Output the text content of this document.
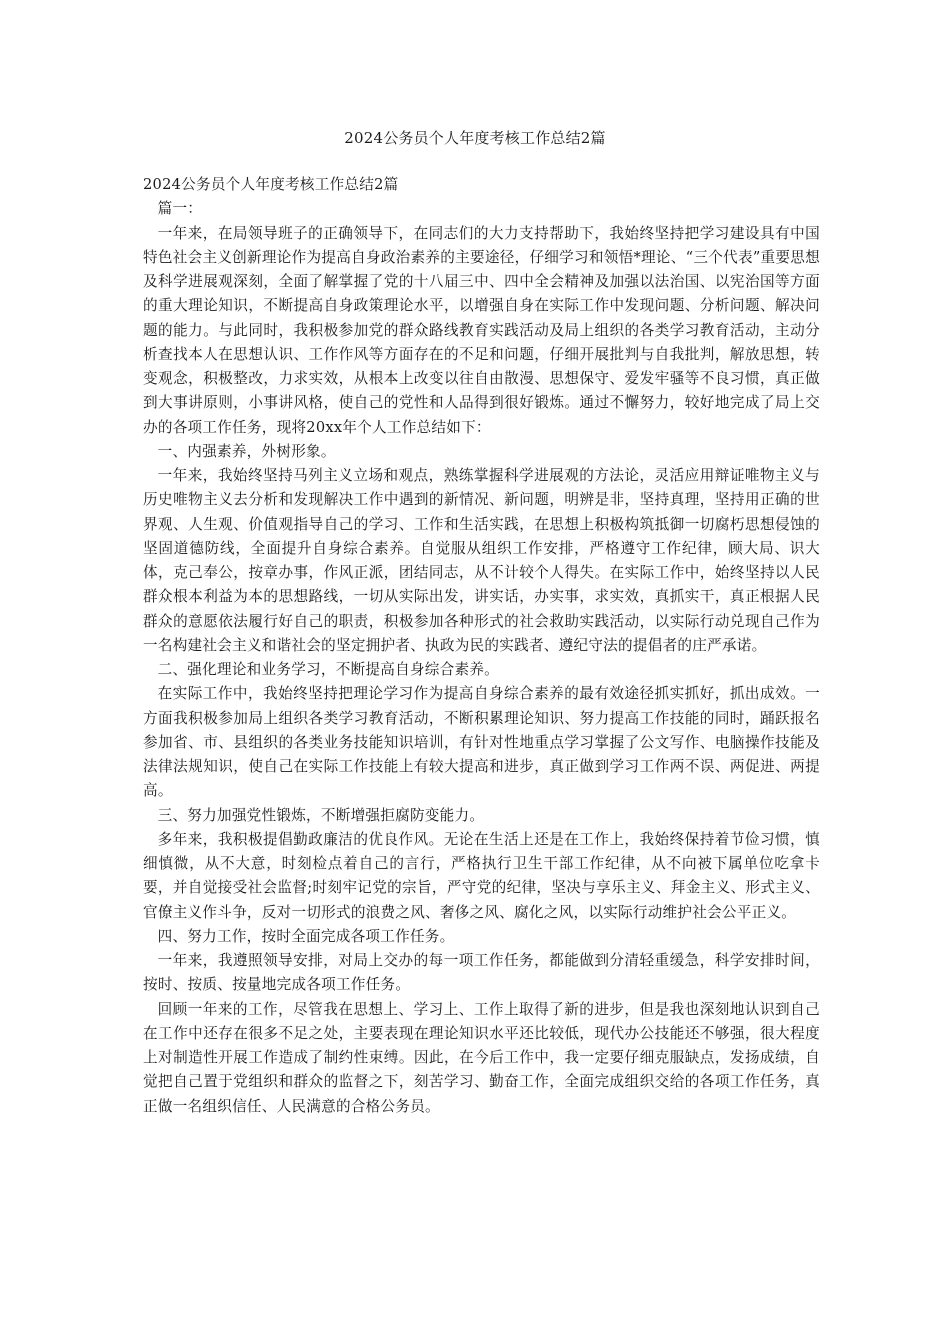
2024公务员个人年度考核工作总结2篇

2024公务员个人年度考核工作总结2篇

篇一：

一年来，在局领导班子的正确领导下，在同志们的大力支持帮助下，我始终坚持把学习建设具有中国特色社会主义创新理论作为提高自身政治素养的主要途径，仔细学习和领悟*理论、“三个代表”重要思想及科学进展观深刻，全面了解掌握了党的十八届三中、四中全会精神及加强以法治国、以宪治国等方面的重大理论知识，不断提高自身政策理论水平，以增强自身在实际工作中发现问题、分析问题、解决问题的能力。与此同时，我积极参加党的群众路线教育实践活动及局上组织的各类学习教育活动，主动分析查找本人在思想认识、工作作风等方面存在的不足和问题，仔细开展批判与自我批判，解放思想，转变观念，积极整改，力求实效，从根本上改变以往自由散漫、思想保守、爱发牢骚等不良习惯，真正做到大事讲原则，小事讲风格，使自己的党性和人品得到很好锻炼。通过不懈努力，较好地完成了局上交办的各项工作任务，现将20xx年个人工作总结如下：

一、内强素养，外树形象。

一年来，我始终坚持马列主义立场和观点，熟练掌握科学进展观的方法论，灵活应用辩证唯物主义与历史唯物主义去分析和发现解决工作中遇到的新情况、新问题，明辨是非，坚持真理，坚持用正确的世界观、人生观、价值观指导自己的学习、工作和生活实践，在思想上积极构筑抵御一切腐朽思想侵蚀的坚固道德防线，全面提升自身综合素养。自觉服从组织工作安排，严格遵守工作纪律，顾大局、识大体，克己奉公，按章办事，作风正派，团结同志，从不计较个人得失。在实际工作中，始终坚持以人民群众根本利益为本的思想路线，一切从实际出发，讲实话，办实事，求实效，真抓实干，真正根据人民群众的意愿依法履行好自己的职责，积极参加各种形式的社会救助实践活动，以实际行动兑现自己作为一名构建社会主义和谐社会的坚定拥护者、执政为民的实践者、遵纪守法的提倡者的庄严承诺。

二、强化理论和业务学习，不断提高自身综合素养。

在实际工作中，我始终坚持把理论学习作为提高自身综合素养的最有效途径抓实抓好，抓出成效。一方面我积极参加局上组织各类学习教育活动，不断积累理论知识、努力提高工作技能的同时，踊跃报名参加省、市、县组织的各类业务技能知识培训，有针对性地重点学习掌握了公文写作、电脑操作技能及法律法规知识，使自己在实际工作技能上有较大提高和进步，真正做到学习工作两不误、两促进、两提高。

三、努力加强党性锻炼，不断增强拒腐防变能力。

多年来，我积极提倡勤政廉洁的优良作风。无论在生活上还是在工作上，我始终保持着节俭习惯，慎细慎微，从不大意，时刻检点着自己的言行，严格执行卫生干部工作纪律，从不向被下属单位吃拿卡要，并自觉接受社会监督;时刻牢记党的宗旨，严守党的纪律，坚决与享乐主义、拜金主义、形式主义、官僚主义作斗争，反对一切形式的浪费之风、奢侈之风、腐化之风，以实际行动维护社会公平正义。

四、努力工作，按时全面完成各项工作任务。

一年来，我遵照领导安排，对局上交办的每一项工作任务，都能做到分清轻重缓急，科学安排时间，按时、按质、按量地完成各项工作任务。

回顾一年来的工作，尽管我在思想上、学习上、工作上取得了新的进步，但是我也深刻地认识到自己在工作中还存在很多不足之处，主要表现在理论知识水平还比较低，现代办公技能还不够强，很大程度上对制造性开展工作造成了制约性束缚。因此，在今后工作中，我一定要仔细克服缺点，发扬成绩，自觉把自己置于党组织和群众的监督之下，刻苦学习、勤奋工作，全面完成组织交给的各项工作任务，真正做一名组织信任、人民满意的合格公务员。
